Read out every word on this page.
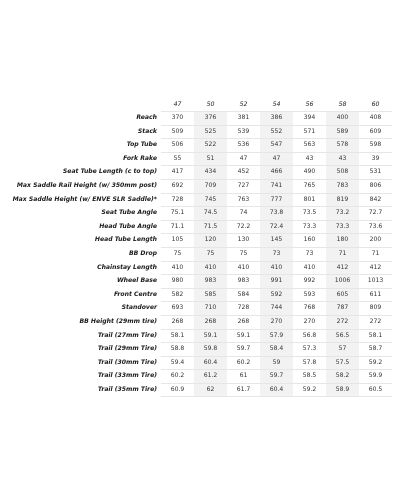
	47	50	52	54	56	58	60
Reach	370	376	381	386	394	400	408
Stack	509	525	539	552	571	589	609
Top Tube	506	522	536	547	563	578	598
Fork Rake	55	51	47	47	43	43	39
Seat Tube Length (c to top)	417	434	452	466	490	508	531
Max Saddle Rail Height (w/ 350mm post)	692	709	727	741	765	783	806
Max Saddle Height (w/ ENVE SLR Saddle)*	728	745	763	777	801	819	842
Seat Tube Angle	75.1	74.5	74	73.8	73.5	73.2	72.7
Head Tube Angle	71.1	71.5	72.2	72.4	73.3	73.3	73.6
Head Tube Length	105	120	130	145	160	180	200
BB Drop	75	75	75	73	73	71	71
Chainstay Length	410	410	410	410	410	412	412
Wheel Base	980	983	983	991	992	1006	1013
Front Centre	582	585	584	592	593	605	611
Standover	693	710	728	744	768	787	809
BB Height (29mm tire)	268	268	268	270	270	272	272
Trail (27mm Tire)	58.1	59.1	59.1	57.9	56.8	56.5	58.1
Trail (29mm Tire)	58.8	59.8	59.7	58.4	57.3	57	58.7
Trail (30mm Tire)	59.4	60.4	60.2	59	57.8	57.5	59.2
Trail (33mm Tire)	60.2	61.2	61	59.7	58.5	58.2	59.9
Trail (35mm Tire)	60.9	62	61.7	60.4	59.2	58.9	60.5
